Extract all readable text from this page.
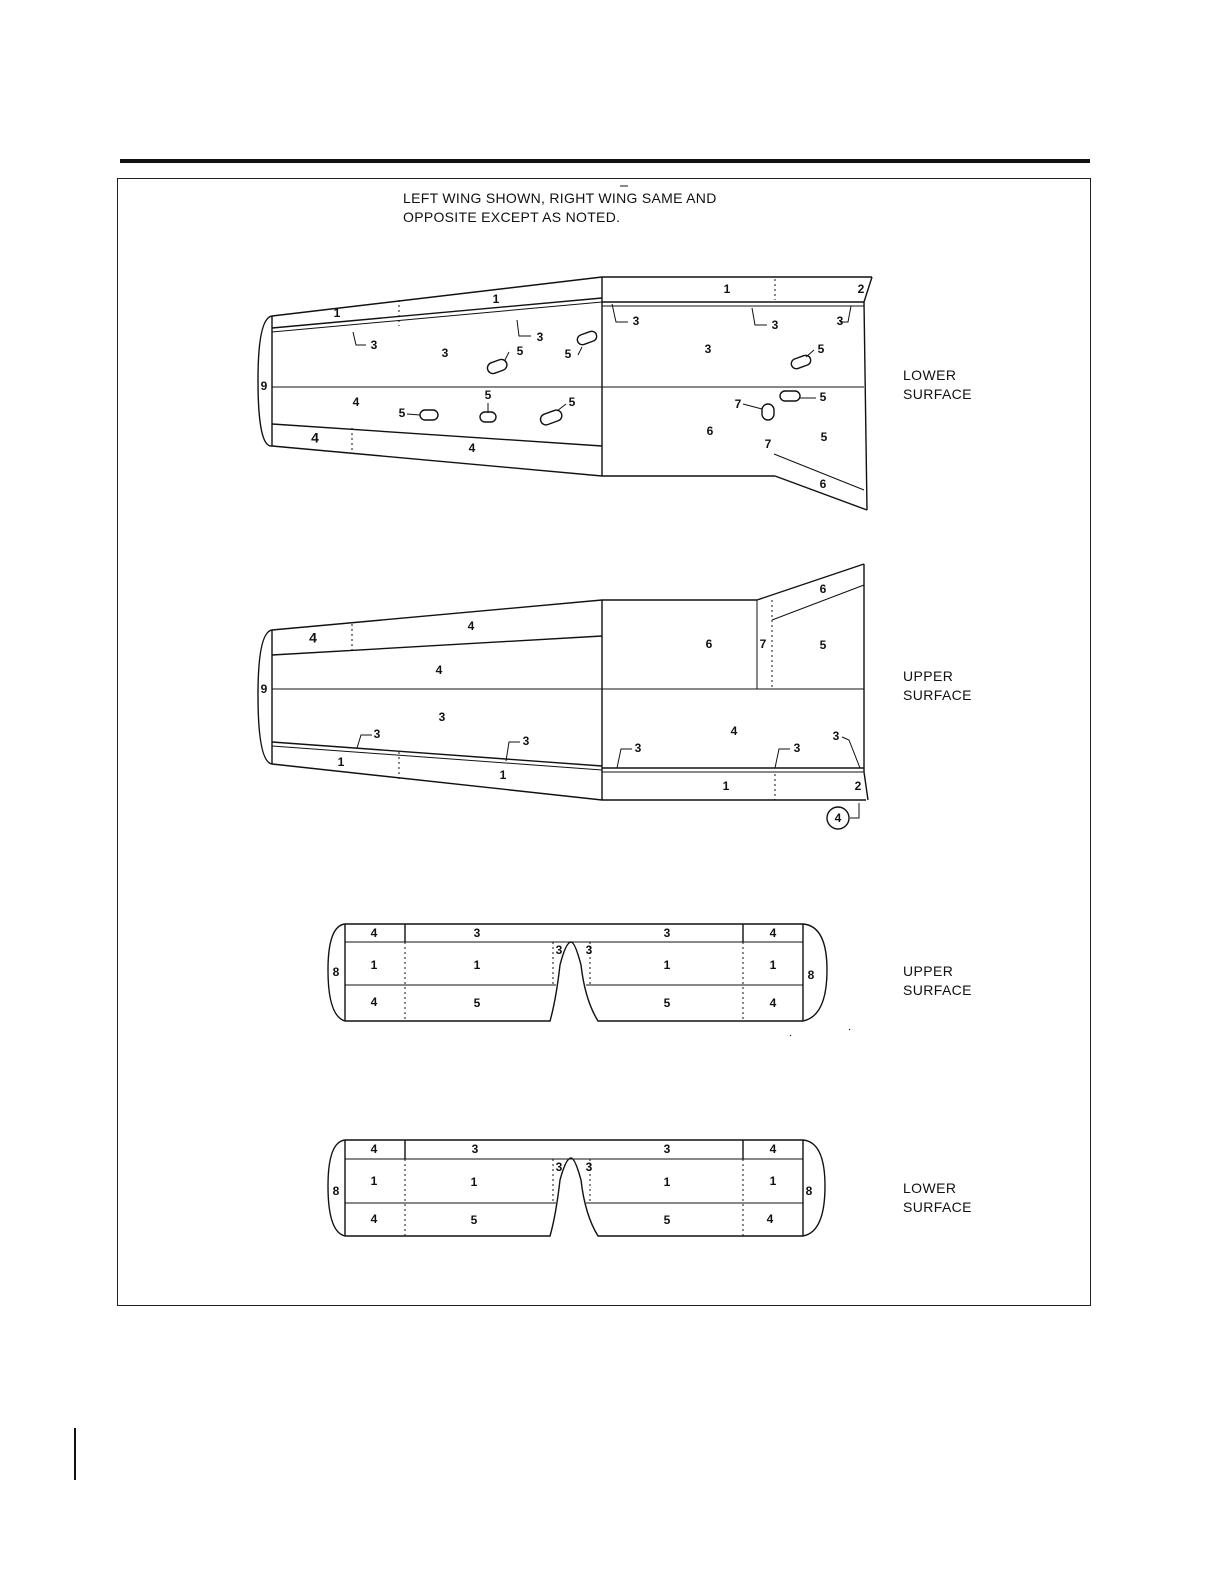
LEFT WING SHOWN, RIGHT WING SAME AND
OPPOSITE EXCEPT AS NOTED.
LOWER
SURFACE
UPPER
SURFACE
UPPER
SURFACE
LOWER
SURFACE
1
1
1	2
3
3
3	3	3
3	3
5	5	5
5
5	5	5
4
4
4
6
7
7	5
6
9
4
4
4
4
9
3
3	3	3	3
3
1
1
1	2
6	7	5
6
4
4	3	3	4
8	1	1	1	1
8
4	5	5	4
3 3
4	3	3	4
8
1	1	1	1
8
4	5	5	4
3 3
